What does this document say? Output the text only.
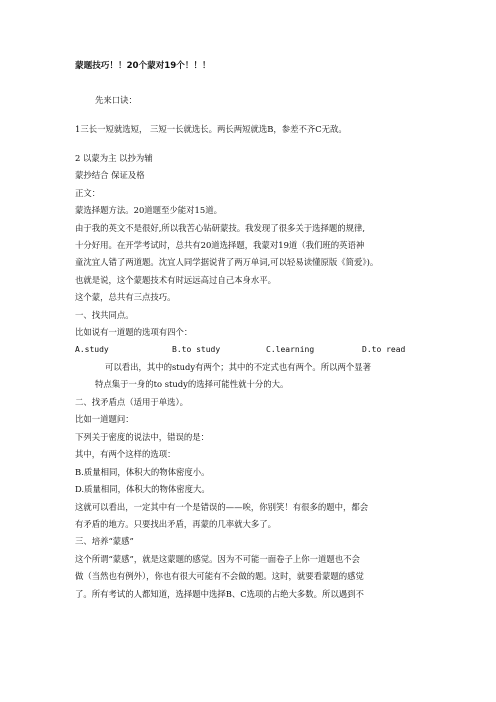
蒙题技巧！！20个蒙对19个！！！
先来口诀：
1三长一短就选短， 三短一长就选长。两长两短就选B，参差不齐C无敌。
2 以蒙为主 以抄为辅
蒙抄结合 保证及格
正文：
蒙选择题方法。20道题至少能对15道。
由于我的英文不是很好,所以我苦心钻研蒙技。我发现了很多关于选择题的规律,
十分好用。在开学考试时，总共有20道选择题，我蒙对19道（我们班的英语神
童沈宜人错了两道题。沈宜人同学据说背了两万单词,可以轻易读懂原版《简爱》)。
也就是说，这个蒙题技术有时远远高过自己本身水平。
这个蒙，总共有三点技巧。
一、找共同点。
比如说有一道题的选项有四个：
A.study	B.to study	C.learning	D.to read
可以看出，其中的study有两个；其中的不定式也有两个。所以两个显著
特点集于一身的to study的选择可能性就十分的大。
二、找矛盾点（适用于单选）。
比如一道题问：
下列关于密度的说法中，错误的是：
其中，有两个这样的选项：
B.质量相同，体积大的物体密度小。
D.质量相同，体积大的物体密度大。
这就可以看出，一定其中有一个是错误的——唉，你别笑！有很多的题中，都会
有矛盾的地方。只要找出矛盾，再蒙的几率就大多了。
三、培养“蒙感”
这个所谓“蒙感”，就是这蒙题的感觉。因为不可能一面卷子上你一道题也不会
做（当然也有例外），你也有很大可能有不会做的题。这时，就要看蒙题的感觉
了。所有考试的人都知道，选择题中选择B、C选项的占绝大多数。所以遇到不
